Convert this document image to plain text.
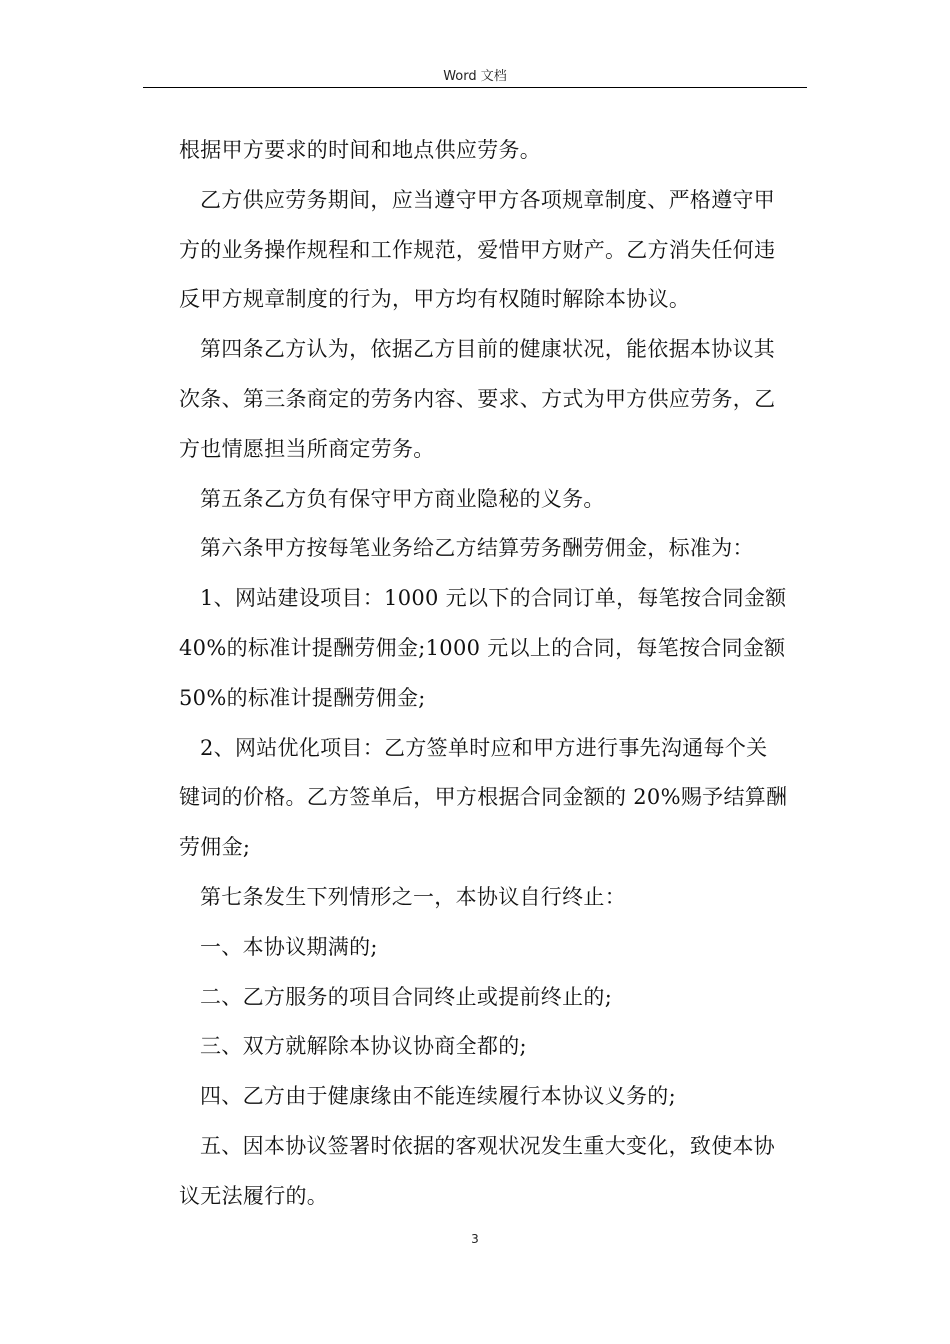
Word 文档
根据甲方要求的时间和地点供应劳务。
乙方供应劳务期间，应当遵守甲方各项规章制度、严格遵守甲
方的业务操作规程和工作规范，爱惜甲方财产。乙方消失任何违
反甲方规章制度的行为，甲方均有权随时解除本协议。
第四条乙方认为，依据乙方目前的健康状况，能依据本协议其
次条、第三条商定的劳务内容、要求、方式为甲方供应劳务，乙
方也情愿担当所商定劳务。
第五条乙方负有保守甲方商业隐秘的义务。
第六条甲方按每笔业务给乙方结算劳务酬劳佣金，标准为：
1、网站建设项目：1000 元以下的合同订单，每笔按合同金额
40%的标准计提酬劳佣金;1000 元以上的合同，每笔按合同金额
50%的标准计提酬劳佣金;
2、网站优化项目：乙方签单时应和甲方进行事先沟通每个关
键词的价格。乙方签单后，甲方根据合同金额的 20%赐予结算酬
劳佣金;
第七条发生下列情形之一，本协议自行终止：
一、本协议期满的;
二、乙方服务的项目合同终止或提前终止的;
三、双方就解除本协议协商全都的;
四、乙方由于健康缘由不能连续履行本协议义务的;
五、因本协议签署时依据的客观状况发生重大变化，致使本协
议无法履行的。
3
